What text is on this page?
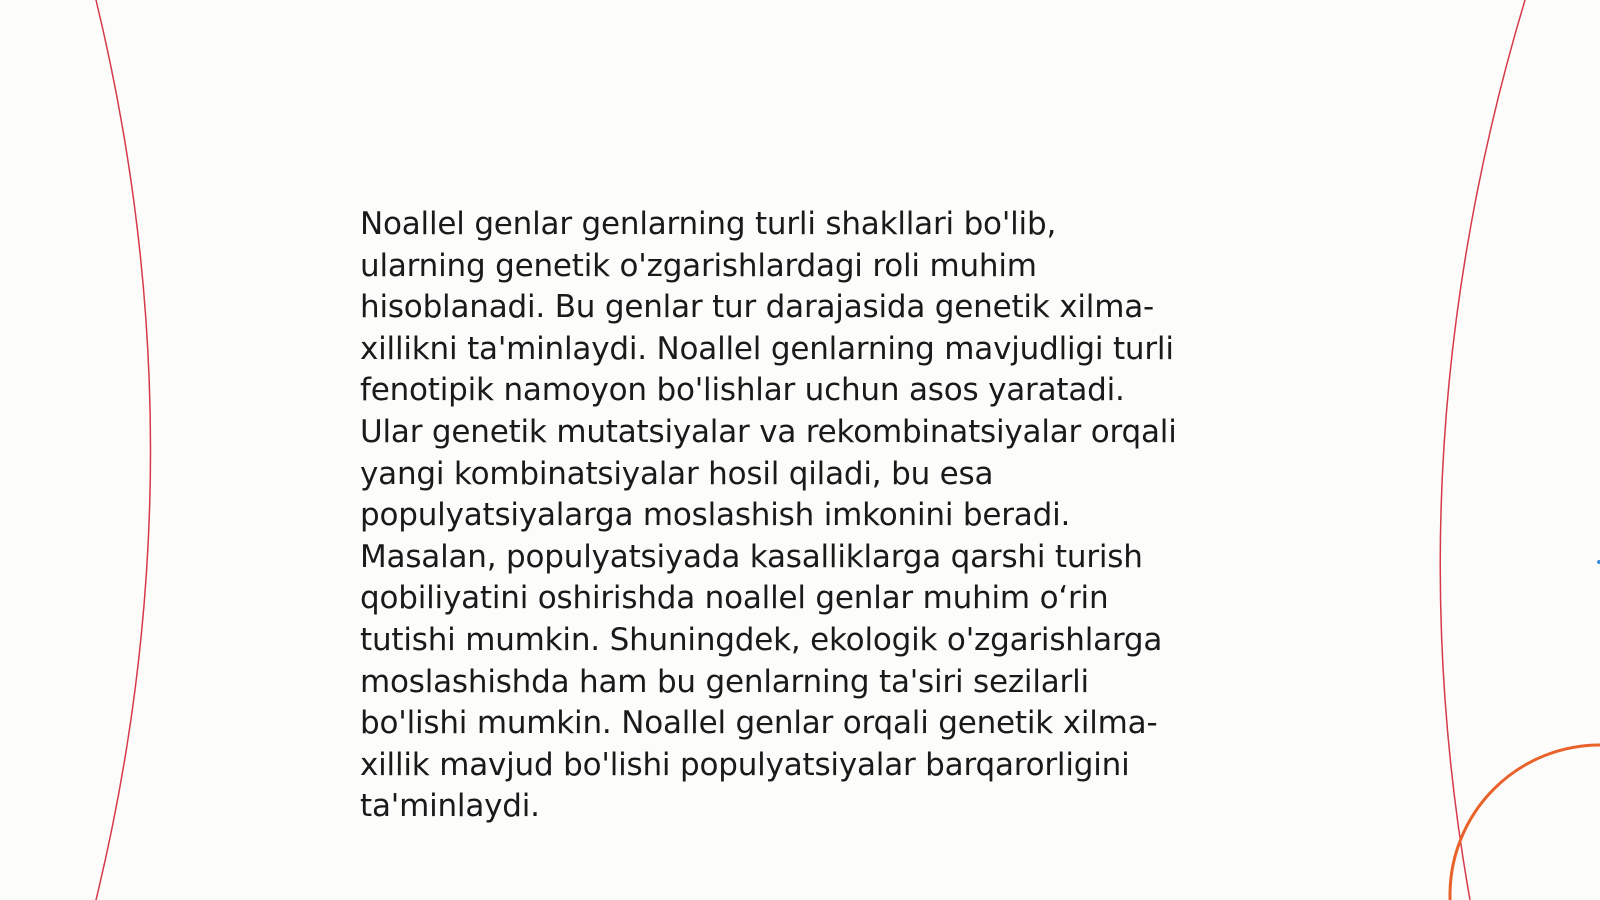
Noallel genlar genlarning turli shakllari bo'lib,
ularning genetik o'zgarishlardagi roli muhim
hisoblanadi. Bu genlar tur darajasida genetik xilma-
xillikni ta'minlaydi. Noallel genlarning mavjudligi turli
fenotipik namoyon bo'lishlar uchun asos yaratadi.
Ular genetik mutatsiyalar va rekombinatsiyalar orqali
yangi kombinatsiyalar hosil qiladi, bu esa
populyatsiyalarga moslashish imkonini beradi.
Masalan, populyatsiyada kasalliklarga qarshi turish
qobiliyatini oshirishda noallel genlar muhim o‘rin
tutishi mumkin. Shuningdek, ekologik o'zgarishlarga
moslashishda ham bu genlarning ta'siri sezilarli
bo'lishi mumkin. Noallel genlar orqali genetik xilma-
xillik mavjud bo'lishi populyatsiyalar barqarorligini
ta'minlaydi.
